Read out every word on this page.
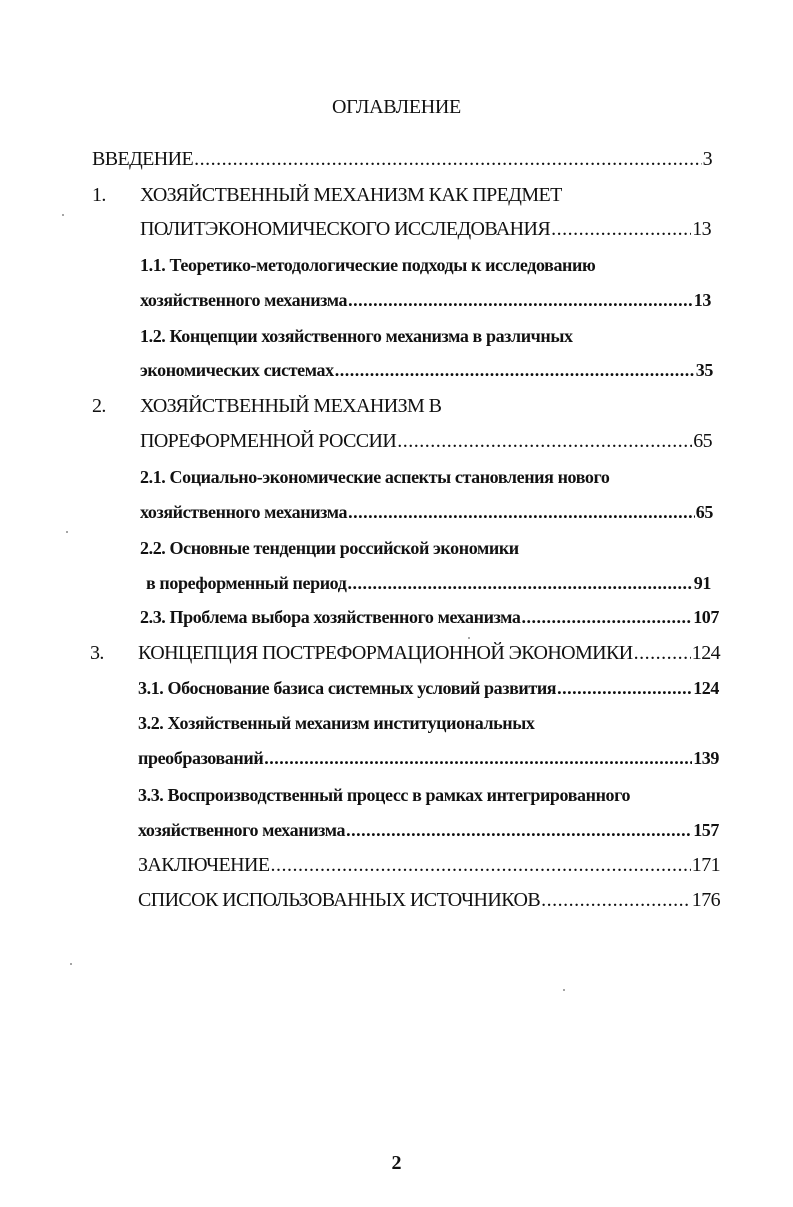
ОГЛАВЛЕНИЕ
ВВЕДЕНИЕ .....	3
1. ХОЗЯЙСТВЕННЫЙ МЕХАНИЗМ КАК ПРЕДМЕТ
ПОЛИТЭКОНОМИЧЕСКОГО ИССЛЕДОВАНИЯ .....	13
1.1. Теоретико-методологические подходы к исследованию
хозяйственного механизма .....	13
1.2. Концепции хозяйственного механизма в различных
экономических системах .....	35
2. ХОЗЯЙСТВЕННЫЙ МЕХАНИЗМ В
ПОРЕФОРМЕННОЙ РОССИИ .....	65
2.1. Социально-экономические аспекты становления нового
хозяйственного механизма .....	65
2.2. Основные тенденции российской экономики
в пореформенный период .....	91
2.3. Проблема выбора хозяйственного механизма .....	107
3. КОНЦЕПЦИЯ ПОСТРЕФОРМАЦИОННОЙ ЭКОНОМИКИ .....	124
3.1. Обоснование базиса системных условий развития .....	124
3.2. Хозяйственный механизм институциональных
преобразований .....	139
3.3. Воспроизводственный процесс в рамках интегрированного
хозяйственного механизма .....	157
ЗАКЛЮЧЕНИЕ .....	171
СПИСОК ИСПОЛЬЗОВАННЫХ ИСТОЧНИКОВ .....	176
2
